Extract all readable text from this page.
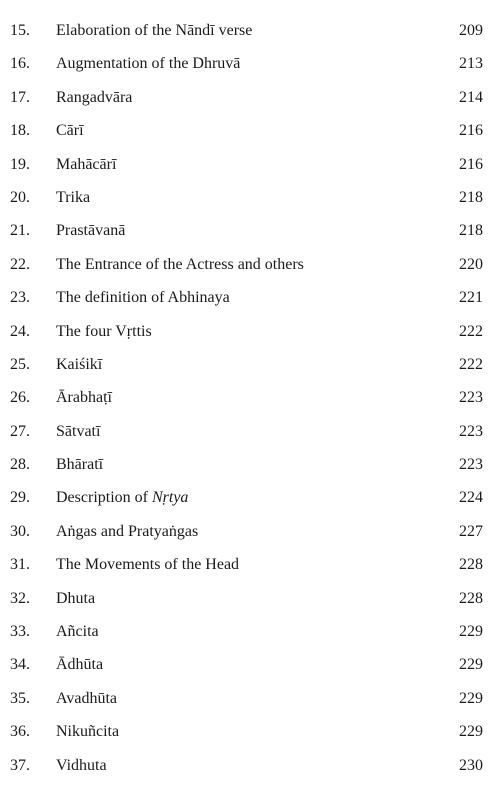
15.	Elaboration of the Nāndī verse	209
16.	Augmentation of the Dhruvā	213
17.	Rangadvāra	214
18.	Cārī	216
19.	Mahācārī	216
20.	Trika	218
21.	Prastāvanā	218
22.	The Entrance of the Actress and others	220
23.	The definition of Abhinaya	221
24.	The four Vṛttis	222
25.	Kaiśikī	222
26.	Ārabhaṭī	223
27.	Sātvatī	223
28.	Bhāratī	223
29.	Description of Nṛtya	224
30.	Aṅgas and Pratyaṅgas	227
31.	The Movements of the Head	228
32.	Dhuta	228
33.	Añcita	229
34.	Ādhūta	229
35.	Avadhūta	229
36.	Nikuñcita	229
37.	Vidhuta	230
